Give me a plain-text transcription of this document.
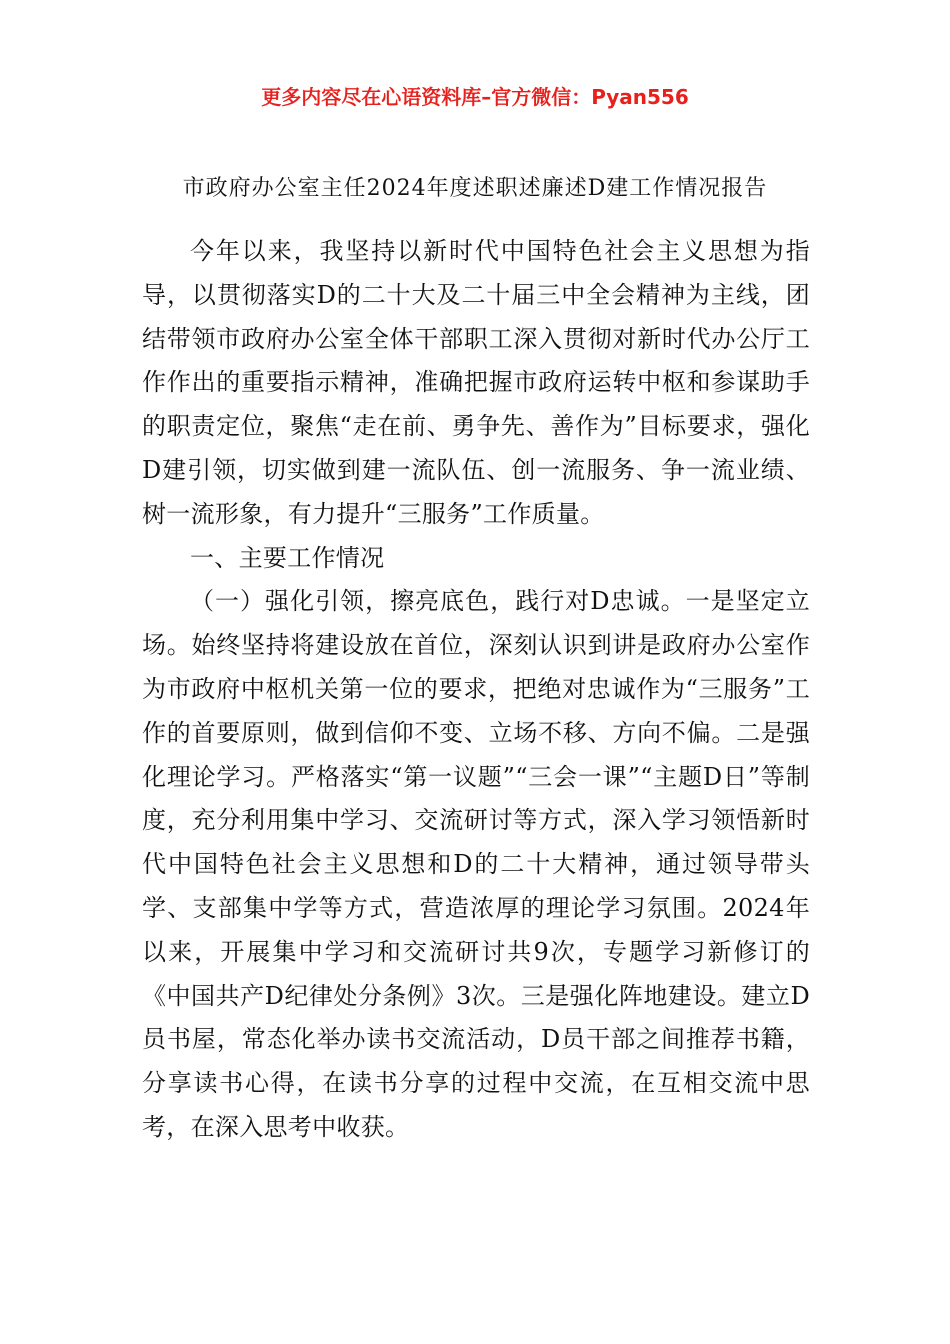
更多内容尽在心语资料库–官方微信：Pyan556
市政府办公室主任2024年度述职述廉述D建工作情况报告

今年以来，我坚持以新时代中国特色社会主义思想为指导，以贯彻落实D的二十大及二十届三中全会精神为主线，团结带领市政府办公室全体干部职工深入贯彻对新时代办公厅工作作出的重要指示精神，准确把握市政府运转中枢和参谋助手的职责定位，聚焦“走在前、勇争先、善作为”目标要求，强化D建引领，切实做到建一流队伍、创一流服务、争一流业绩、树一流形象，有力提升“三服务”工作质量。

一、主要工作情况

（一）强化引领，擦亮底色，践行对D忠诚。一是坚定立场。始终坚持将建设放在首位，深刻认识到讲是政府办公室作为市政府中枢机关第一位的要求，把绝对忠诚作为“三服务”工作的首要原则，做到信仰不变、立场不移、方向不偏。二是强化理论学习。严格落实“第一议题”“三会一课”“主题D日”等制度，充分利用集中学习、交流研讨等方式，深入学习领悟新时代中国特色社会主义思想和D的二十大精神，通过领导带头学、支部集中学等方式，营造浓厚的理论学习氛围。2024年以来，开展集中学习和交流研讨共9次，专题学习新修订的《中国共产D纪律处分条例》3次。三是强化阵地建设。建立D员书屋，常态化举办读书交流活动，D员干部之间推荐书籍，分享读书心得，在读书分享的过程中交流，在互相交流中思考，在深入思考中收获。
